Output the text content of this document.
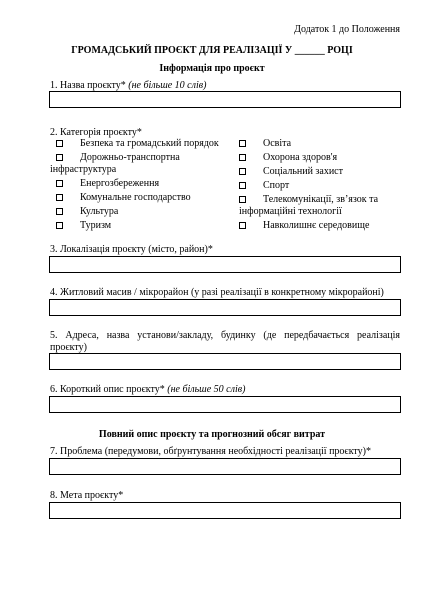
Додаток 1 до Положення
ГРОМАДСЬКИЙ ПРОЄКТ ДЛЯ РЕАЛІЗАЦІЇ У ______ РОЦІ
Інформація про проєкт
1. Назва проєкту* (не більше 10 слів)
2. Категорія проєкту*
Безпека та громадський порядок
Дорожньо-транспортна
інфраструктура
Енергозбереження
Комунальне господарство
Культура
Туризм
Освіта
Охорона здоров'я
Соціальний захист
Спорт
Телекомунікації, зв’язок та
інформаційні технології
Навколишнє середовище
3. Локалізація проєкту (місто, район)*
4. Житловий масив / мікрорайон (у разі реалізації в конкретному мікрорайоні)
5. Адреса, назва установи/закладу, будинку (де передбачається реалізація
проєкту)
6. Короткий опис проєкту* (не більше 50 слів)
Повний опис проєкту та прогнозний обсяг витрат
7. Проблема (передумови, обґрунтування необхідності реалізації проєкту)*
8. Мета проєкту*
